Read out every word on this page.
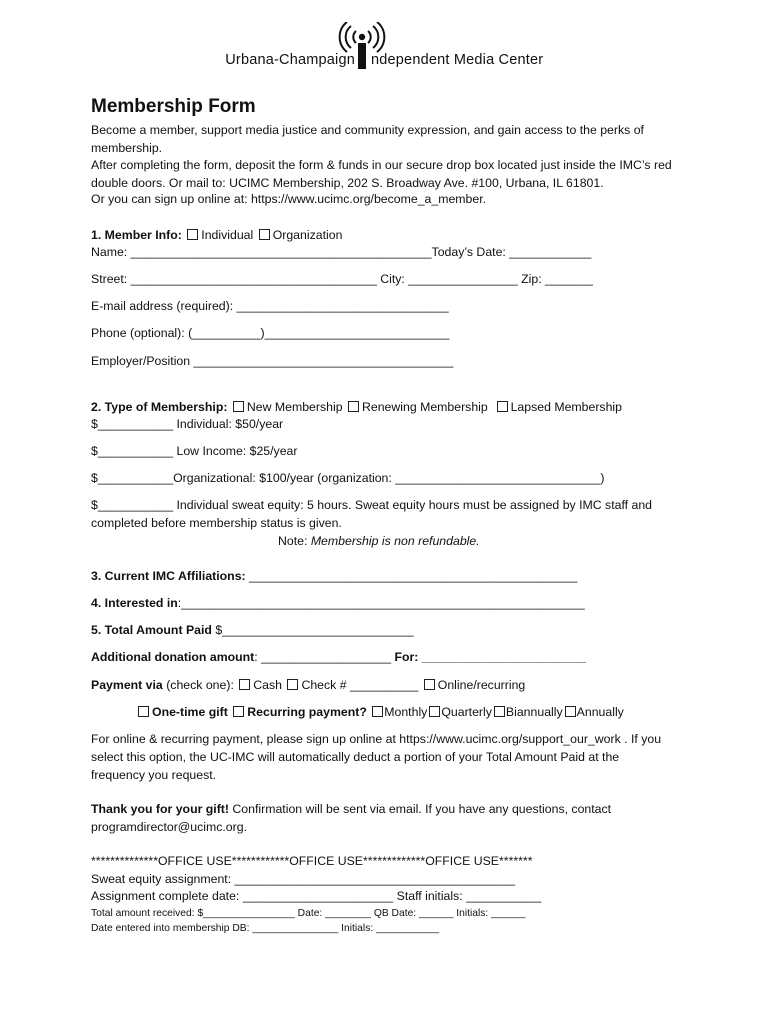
Urbana-Champaign ndependent Media Center
Membership Form
Become a member, support media justice and community expression, and gain access to the perks of membership.
After completing the form, deposit the form & funds in our secure drop box located just inside the IMC’s red double doors. Or mail to: UCIMC Membership, 202 S. Broadway Ave. #100, Urbana, IL 61801.
Or you can sign up online at: https://www.ucimc.org/become_a_member.
1. Member Info: Individual Organization
Name: ____________________________________________Today’s Date: ____________
Street: ____________________________________ City: ________________ Zip: _______
E-mail address (required): _______________________________
Phone (optional): (__________)___________________________
Employer/Position ______________________________________
2. Type of Membership: New Membership Renewing Membership Lapsed Membership
$___________ Individual: $50/year
$___________ Low Income: $25/year
$___________Organizational: $100/year (organization: ______________________________)
$___________ Individual sweat equity: 5 hours. Sweat equity hours must be assigned by IMC staff and completed before membership status is given.
Note: Membership is non refundable.
3. Current IMC Affiliations: ________________________________________________
4. Interested in:___________________________________________________________
5. Total Amount Paid $____________________________
Additional donation amount: ___________________ For: ________________________
Payment via (check one): Cash Check # __________ Online/recurring
One-time gift Recurring payment? Monthly Quarterly Biannually Annually
For online & recurring payment, please sign up online at https://www.ucimc.org/support_our_work . If you select this option, the UC-IMC will automatically deduct a portion of your Total Amount Paid at the frequency you request.
Thank you for your gift! Confirmation will be sent via email. If you have any questions, contact programdirector@ucimc.org.
**************OFFICE USE************OFFICE USE*************OFFICE USE*******
Sweat equity assignment: _________________________________________
Assignment complete date: ______________________ Staff initials: ___________
Total amount received: $________________ Date: ________ QB Date: ______ Initials: ______
Date entered into membership DB: _______________ Initials: ___________
